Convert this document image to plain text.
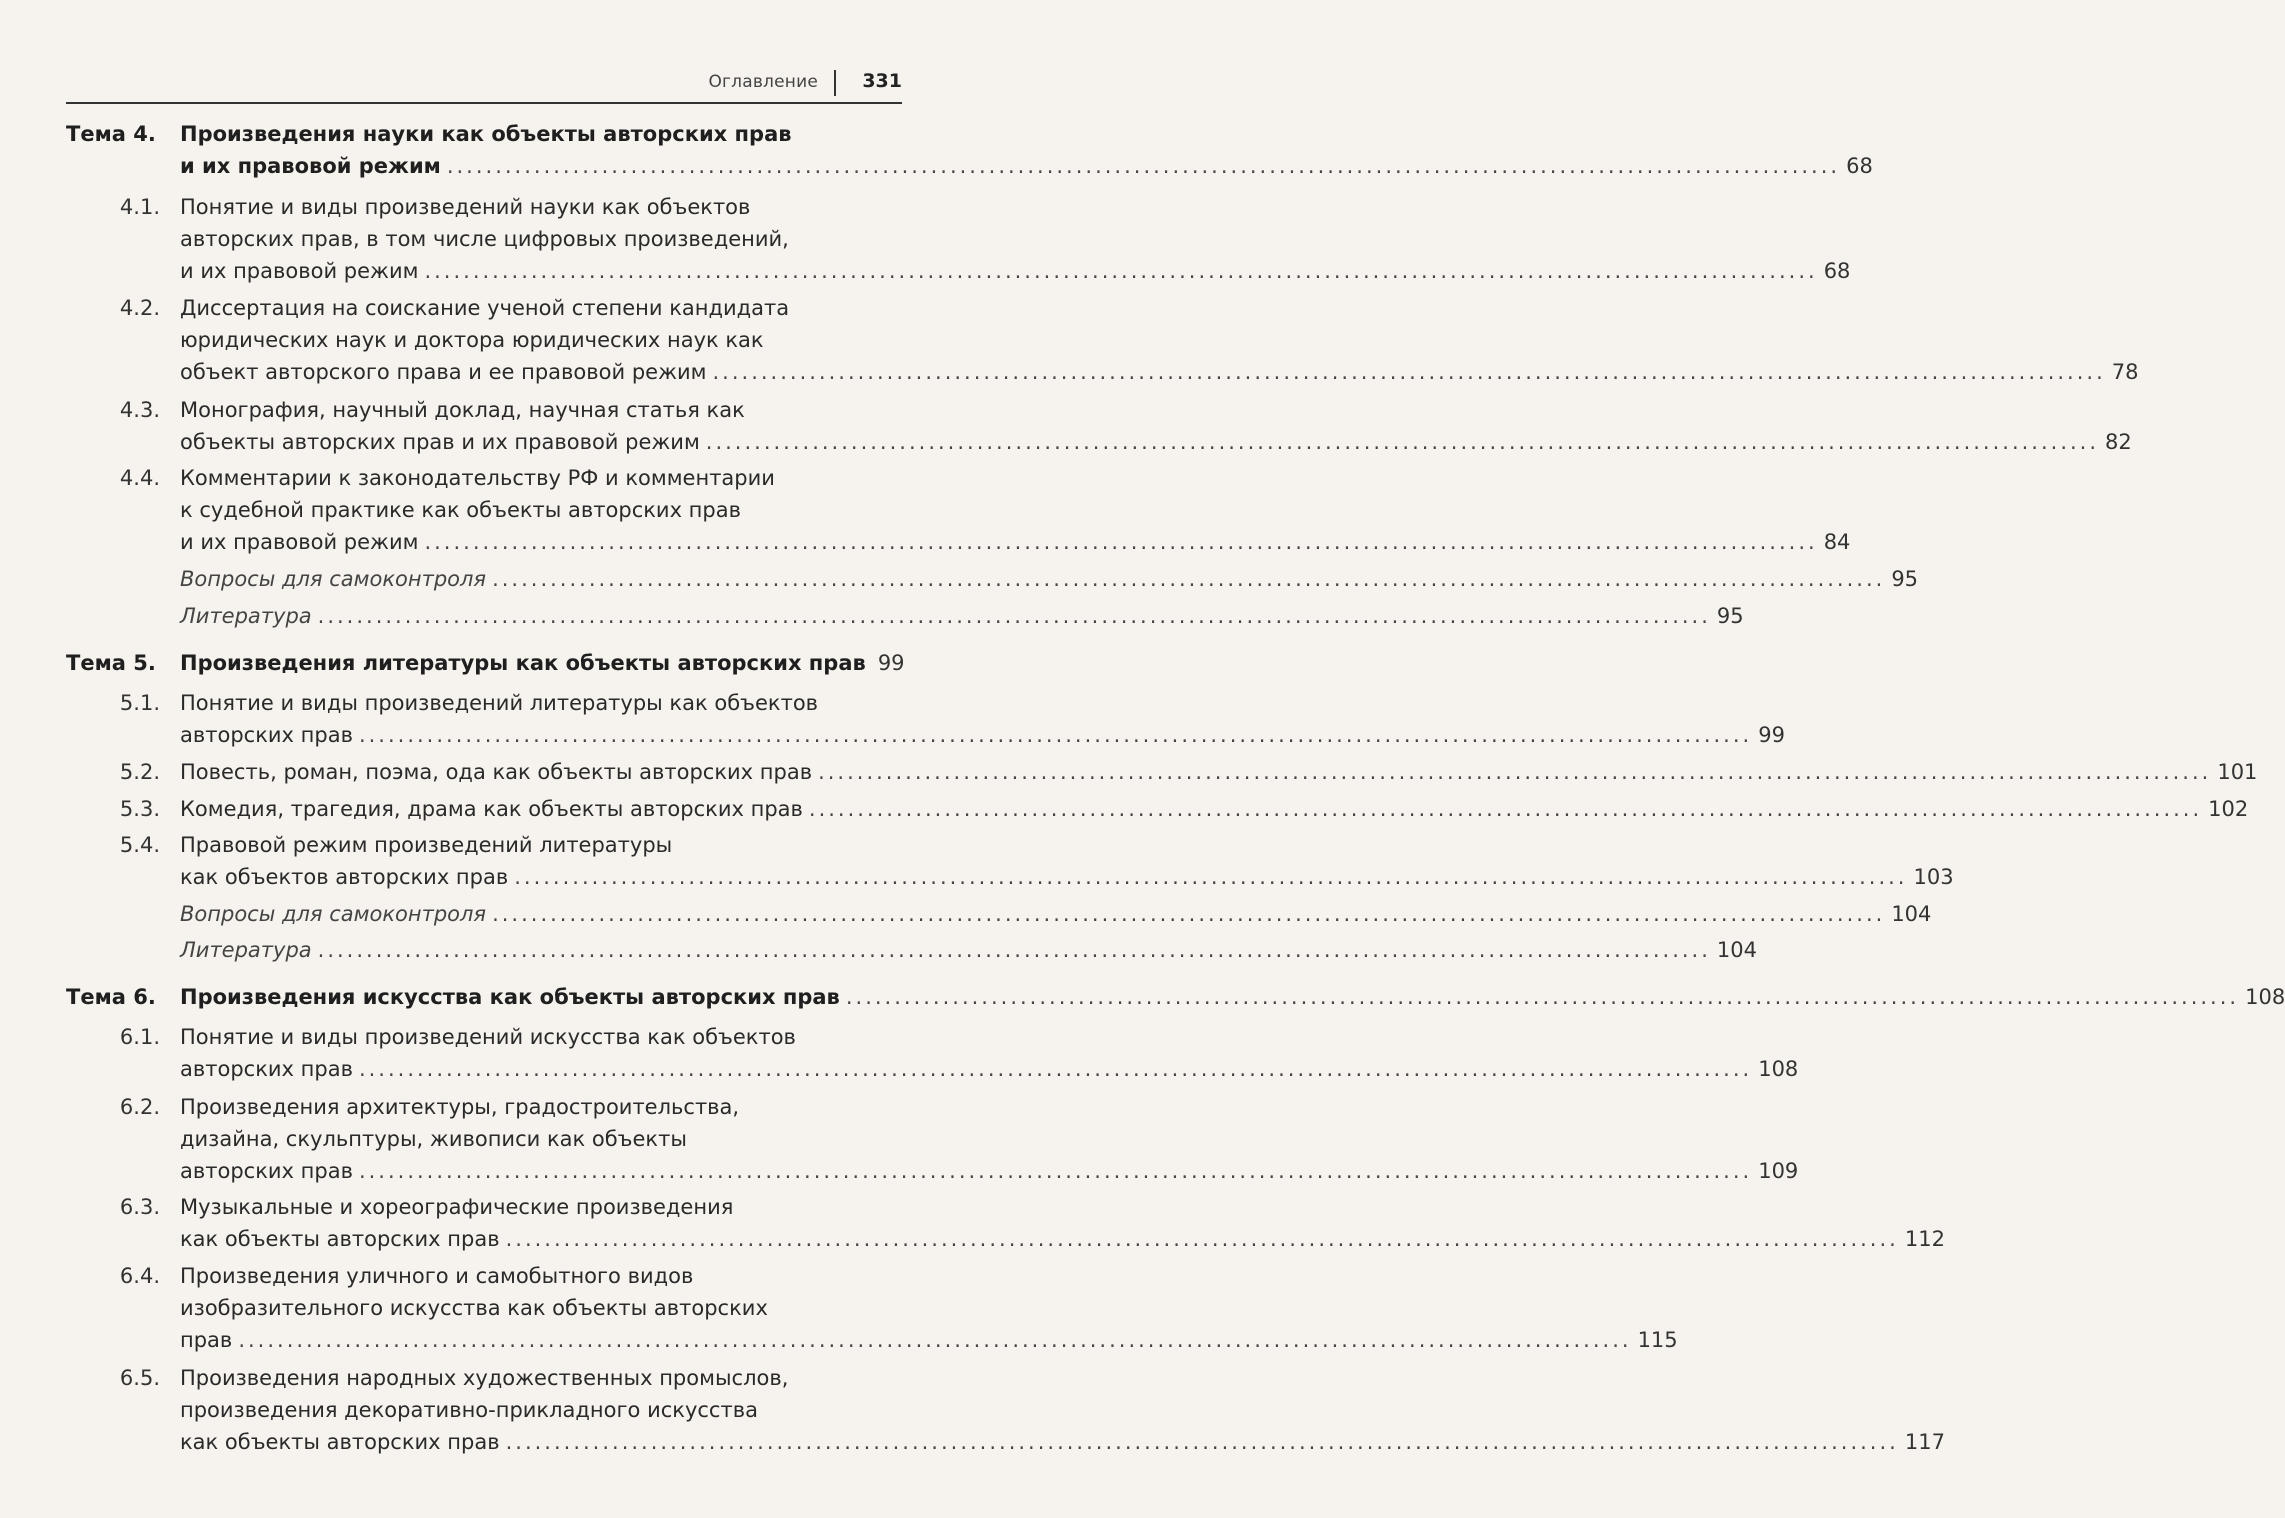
Оглавление 331
Тема 4. Произведения науки как объекты авторских прав
и их правовой режим ................................................................................................................................................ 68
4.1. Понятие и виды произведений науки как объектов
авторских прав, в том числе цифровых произведений,
и их правовой режим ................................................................................................................................................ 68
4.2. Диссертация на соискание ученой степени кандидата
юридических наук и доктора юридических наук как
объект авторского права и ее правовой режим ................................................................................................................................................ 78
4.3. Монография, научный доклад, научная статья как
объекты авторских прав и их правовой режим ................................................................................................................................................ 82
4.4. Комментарии к законодательству РФ и комментарии
к судебной практике как объекты авторских прав
и их правовой режим ................................................................................................................................................ 84
Вопросы для самоконтроля ................................................................................................................................................ 95
Литература ................................................................................................................................................ 95
Тема 5. Произведения литературы как объекты авторских прав 99
5.1. Понятие и виды произведений литературы как объектов
авторских прав ................................................................................................................................................ 99
5.2. Повесть, роман, поэма, ода как объекты авторских прав ................................................................................................................................................ 101
5.3. Комедия, трагедия, драма как объекты авторских прав ................................................................................................................................................ 102
5.4. Правовой режим произведений литературы
как объектов авторских прав ................................................................................................................................................ 103
Вопросы для самоконтроля ................................................................................................................................................ 104
Литература ................................................................................................................................................ 104
Тема 6. Произведения искусства как объекты авторских прав ................................................................................................................................................ 108
6.1. Понятие и виды произведений искусства как объектов
авторских прав ................................................................................................................................................ 108
6.2. Произведения архитектуры, градостроительства,
дизайна, скульптуры, живописи как объекты
авторских прав ................................................................................................................................................ 109
6.3. Музыкальные и хореографические произведения
как объекты авторских прав ................................................................................................................................................ 112
6.4. Произведения уличного и самобытного видов
изобразительного искусства как объекты авторских
прав ................................................................................................................................................ 115
6.5. Произведения народных художественных промыслов,
произведения декоративно-прикладного искусства
как объекты авторских прав ................................................................................................................................................ 117
